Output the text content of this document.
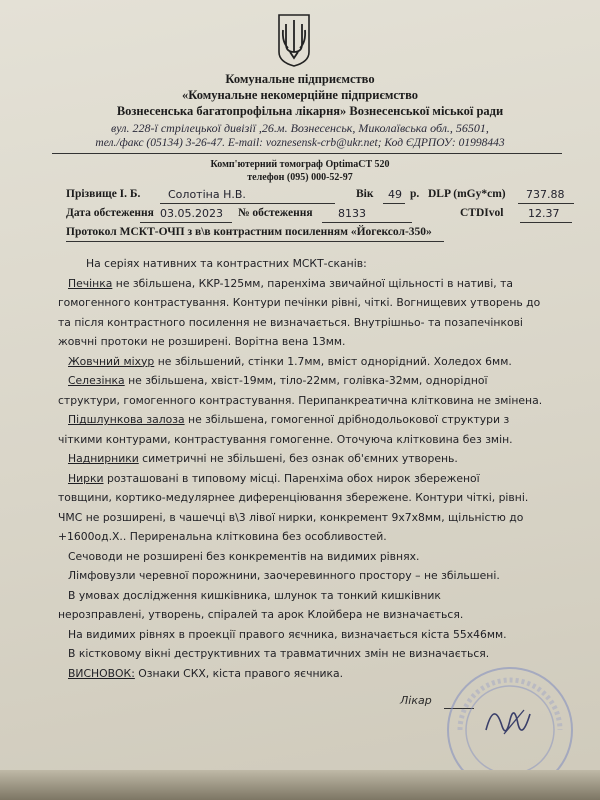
Комунальне підприємство
«Комунальне некомерційне підприємство
Вознесенська багатопрофільна лікарня» Вознесенської міської ради
вул. 228-ї стрілецької дивізії ,26.м. Вознесенськ, Миколаївська обл., 56501,
тел./факс (05134) 3-26-47. E-mail: voznesensk-crb@ukr.net; Код ЄДРПОУ: 01998443
Комп'ютерний томограф OptimaCT 520
телефон (095) 000-52-97
Прізвище І. Б.	Солотіна Н.В.	Вік 49 р. DLP (mGy*cm) 737.88
Дата обстеження 03.05.2023 № обстеження 8133	CTDIvol 12.37
Протокол МСКТ-ОЧП з в\в контрастним посиленням «Йогексол-350»
На серіях нативних та контрастних МСКТ-сканів:
Печінка не збільшена, КKP-125мм, паренхіма звичайної щільності в нативі, та
гомогенного контрастування. Контури печінки рівні, чіткі. Вогнищевих утворень до
та після контрастного посилення не визначається. Внутрішньо- та позапечінкові
жовчні протоки не розширені. Ворітна вена 13мм.
Жовчний міхур не збільшений, стінки 1.7мм, вміст однорідний. Холедох 6мм.
Селезінка не збільшена, хвіст-19мм, тіло-22мм, голівка-32мм, однорідної
структури, гомогенного контрастування. Перипанкреатична клітковина не змінена.
Підшлункова залоза не збільшена, гомогенної дрібнодольокової структури з
чіткими контурами, контрастування гомогенне. Оточуюча клітковина без змін.
Наднирники симетричні не збільшені, без ознак об'ємних утворень.
Нирки розташовані в типовому місці. Паренхіма обох нирок збереженої
товщини, кортико-медулярнее диференціювання збережене. Контури чіткі, рівні.
ЧМС не розширені, в чашечці в\3 лівої нирки, конкремент 9х7х8мм, щільністю до
+1600од.Х.. Периренальна клітковина без особливостей.
Сечоводи не розширені без конкрементів на видимих рівнях.
Лімфовузли черевної порожнини, заочеревинного простору – не збільшені.
В умовах дослідження кишківника, шлунок та тонкий кишківник
нерозправлені, утворень, спіралей та арок Клойбера не визначається.
На видимих рівнях в проекції правого яєчника, визначається кіста 55х46мм.
В кістковому вікні деструктивних та травматичних змін не визначається.
ВИСНОВОК: Ознаки СКХ, кіста правого яєчника.
Лікар
